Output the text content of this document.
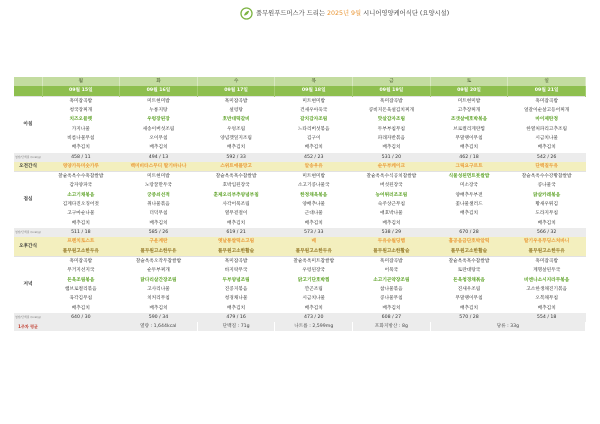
풀무원푸드머스가 드리는 2025년 9월 시니어영양케어식단 (요양시설)
	월	화	수	목	금	토	일
	09월 15일	09월 16일	09월 17일	09월 18일	09월 19일	09월 20일	09월 21일
아침	흑미잡곡밥	미트현미밥	흑미잡곡밥	미트현미밥	흑미잡곡밥	미트현미밥	흑미잡곡밥
	청국장찌개	누룽지탕	설렁탕	건새우아욱국	콩비지돈육설김치찌개	고추장찌개	얼갈이순살고등어찌개
	치즈오믈렛	우렁장된장	호반대떡갈비	갈치감자조림	맛살감자조림	조갯살애호박볶음	마이제탄정
	가지나물	새송이버섯조림	우엉조림	느타리버섯볶음	두부부침무침	브로컬리게란찜	한열처파리고추조림
	비름나물무침	오이무침	양념깻잎지조림	김구이	파래자반볶음	무말랭이무침	시금치나물
	배추김치	배추김치	배추김치	배추김치	배추김치	배추김치	배추김치
영양/단백질 (kcal/g)	458 / 11	494 / 13	592 / 33	452 / 23	531 / 20	462 / 18	542 / 26
오전간식	영양가득미숫가루	백미비타스무디 딸기바나나	스위트애플망고	알송우유	순두부케이크	그릭요구르트	단백질두유
점심	찰슐옥옥수수흑찹쌀밥	미트현미밥	찰슐옥옥흑수찹쌀밥	미트현미밥	찰슐옥옥수식공치찹쌀밥	식물성된면트봇쌀밥	찰슐옥옥수수강황찹쌀밥
	감자양파국	노랑꿀만두국	호박입된장국	소고기콩나물국	버섯된장국	미소장국	콩나물국
	소고기채볶음	궁중쇠선적	훈제오리부추양념부침	한정채육볶음	농어튀러조조림	양배추두부전	닭살카레볶음
	김계다진오징어젓	취나물볶음	사각어묵조림	양배추나물	숙주상근무침	꽃나물샐러드	황새우튀김
	고구마순나물	더덕무침	열무겉절이	근대나물	애호박나물	배추김치	도라지무침
	배추김치	배추김치	배추김치	배추김치	배추김치		배추김치
영양/단백질 (kcal/g)	511 / 18	585 / 26	619 / 21	573 / 33	538 / 29	670 / 28	566 / 32
오후간식	프렌치토스트	구운계란	옛날통쌀떡소고림	배	두유슈월딩햄	흡공음금단호박알떡	딸기우유푸딩스처바니
	풀무원고소한두유	풀무원고소한두유	풀무원고소한활슬	풀무원고소한두유	풀무원고소한활슬	풀무원고소한활슬	풀무원고소한두유
저녁	흑미잡곡밥	찰슐옥옥오작두찹쌀밥	흑미잡곡밥	찰슐옥옥미트찹쌀밥	흑미잡곡밥	찰슐옥옥흑수찹쌀밥	흑미잡곡밥
	무거지선지국	순두부찌개	바지락무국	우렁된장국	어묵국	토란대탕국	계명살된두국
	돈육조림볶음	닭다리살간장조림	두부양념조림	닭고기단호박찜	소고기곤약장조림	돈육청경채볶음	비엔나소시지라무볶음
	햄브로컬리볶음	고사리나물	진콩지볶음	깐곤조림	참나물볶음	진새우조림	고소한생채진기볶음
	육각김무침	치커리무침	청경채나물	시금치나물	콩나물무침	무말랭이무침	오복채무침
	배추김치	배추김치	배추김치	배추김치	배추김치	배추김치	배추김치
영양/단백질 (kcal/g)	640 / 30	590 / 34	479 / 16	473 / 20	608 / 27	570 / 28	554 / 18
1주차 평균		열량 : 1,644kcal	단백질 : 71g	나트륨 : 2,599mg	포화지방산 : 8g	당류 : 33g	
